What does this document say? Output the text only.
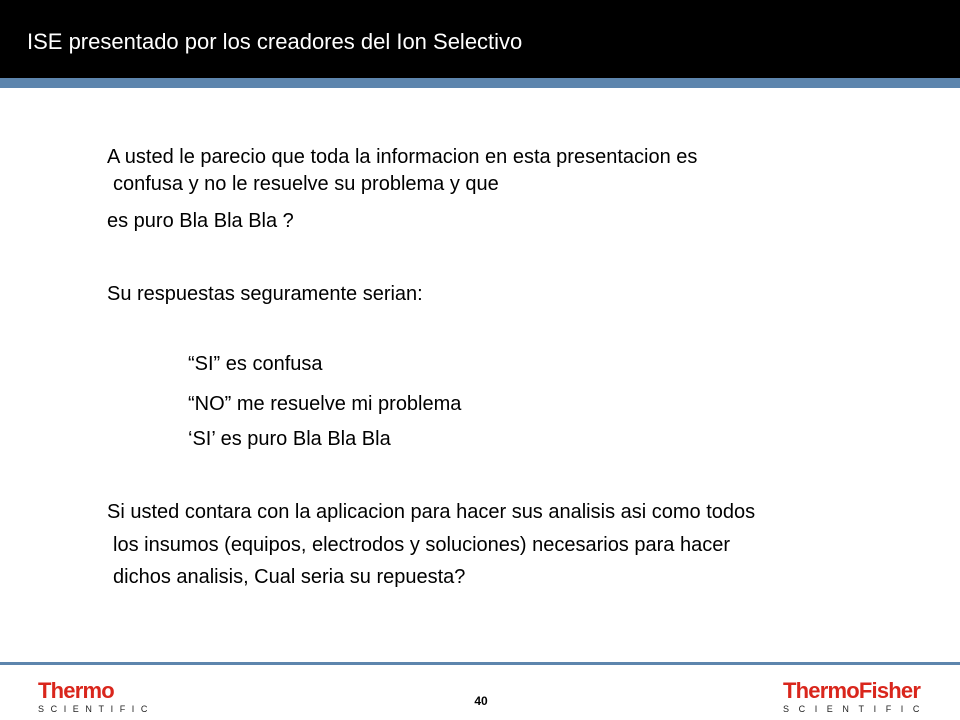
ISE presentado por los creadores del Ion Selectivo
A usted le parecio que toda la informacion en esta presentacion es
confusa y no le resuelve su problema y que
es puro Bla Bla Bla ?
Su respuestas seguramente serian:
“SI” es confusa
“NO” me resuelve mi problema
‘SI’ es puro Bla Bla Bla
Si usted contara con la aplicacion para hacer sus analisis asi como todos
los insumos (equipos, electrodos y soluciones) necesarios para hacer
dichos analisis, Cual seria su repuesta?
Thermo
SCIENTIFIC
40	ThermoFisher
SCIENTIFIC
